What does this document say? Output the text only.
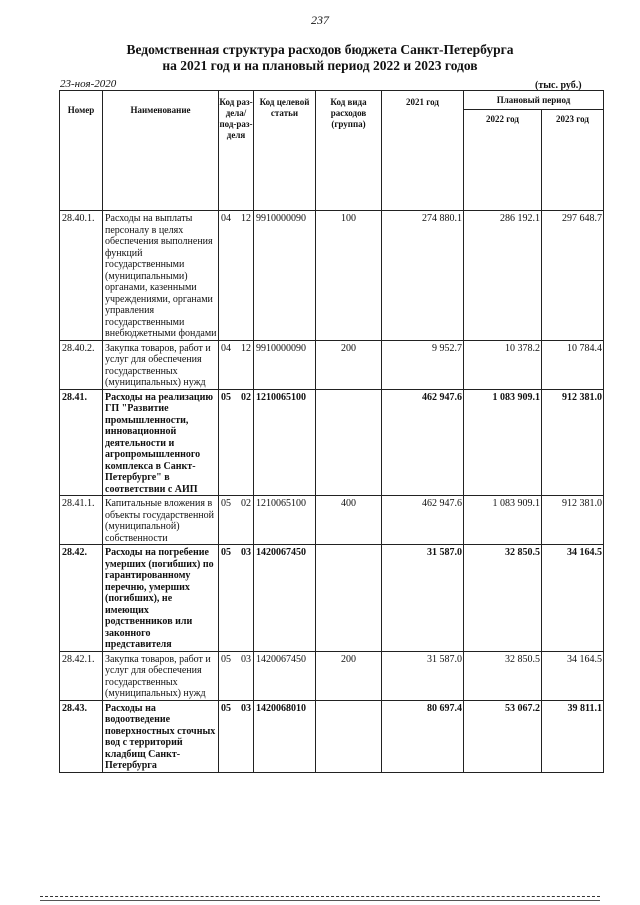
237
Ведомственная структура расходов бюджета Санкт-Петербурга
на 2021 год и на плановый период 2022 и 2023 годов
23-ноя-2020	(тыс. руб.)
Номер	Наименование	Код раз-дела/ под-раз-деля	Код целевой статьи	Код вида расходов (группа)	2021 год	Плановый период	
						2022 год	2023 год
28.40.1.	Расходы на выплаты персоналу в целях обеспечения выполнения функций государственными (муниципальными) органами, казенными учреждениями, органами управления государственными внебюджетными фондами	04 12	9910000090	100	274 880.1	286 192.1	297 648.7
28.40.2.	Закупка товаров, работ и услуг для обеспечения государственных (муниципальных) нужд	04 12	9910000090	200	9 952.7	10 378.2	10 784.4
28.41.	Расходы на реализацию ГП "Развитие промышленности, инновационной деятельности и агропромышленного комплекса в Санкт-Петербурге" в соответствии с АИП	05 02	1210065100		462 947.6	1 083 909.1	912 381.0
28.41.1.	Капитальные вложения в объекты государственной (муниципальной) собственности	05 02	1210065100	400	462 947.6	1 083 909.1	912 381.0
28.42.	Расходы на погребение умерших (погибших) по гарантированному перечню, умерших (погибших), не имеющих родственников или законного представителя	05 03	1420067450		31 587.0	32 850.5	34 164.5
28.42.1.	Закупка товаров, работ и услуг для обеспечения государственных (муниципальных) нужд	05 03	1420067450	200	31 587.0	32 850.5	34 164.5
28.43.	Расходы на водоотведение поверхностных сточных вод с территорий кладбищ Санкт-Петербурга	05 03	1420068010		80 697.4	53 067.2	39 811.1
